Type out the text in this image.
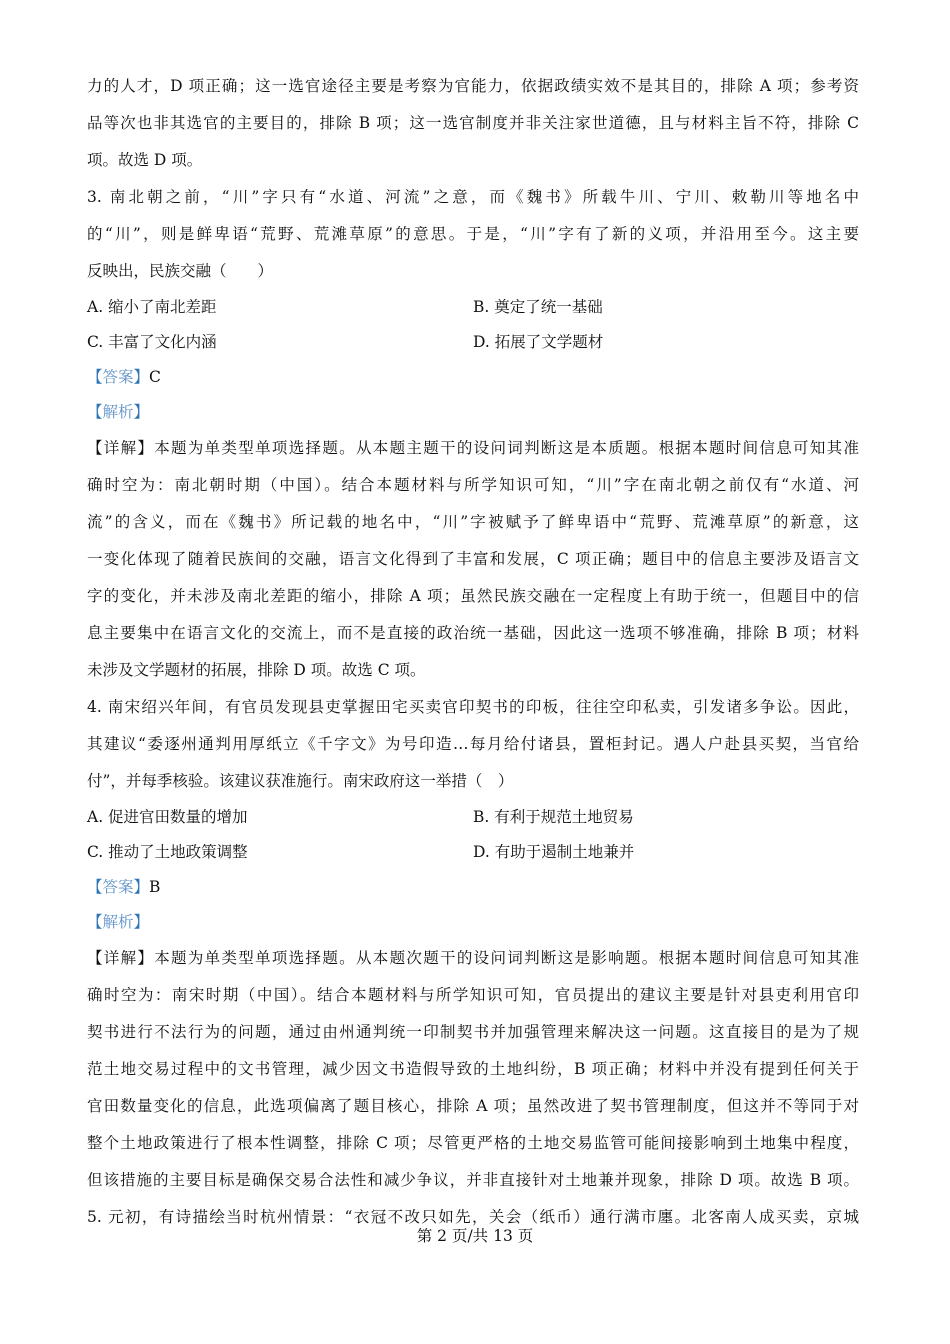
力的人才，D 项正确；这一选官途径主要是考察为官能力，依据政绩实效不是其目的，排除 A 项；参考资
品等次也非其选官的主要目的，排除 B 项；这一选官制度并非关注家世道德，且与材料主旨不符，排除 C
项。故选 D 项。
3. 南北朝之前，“川”字只有“水道、河流”之意，而《魏书》所载牛川、宁川、敕勒川等地名中
的“川”，则是鲜卑语“荒野、荒滩草原”的意思。于是，“川”字有了新的义项，并沿用至今。这主要
反映出，民族交融（　　）
A. 缩小了南北差距	B. 奠定了统一基础
C. 丰富了文化内涵	D. 拓展了文学题材
【答案】C
【解析】
【详解】本题为单类型单项选择题。从本题主题干的设问词判断这是本质题。根据本题时间信息可知其准
确时空为：南北朝时期（中国）。结合本题材料与所学知识可知，“川”字在南北朝之前仅有“水道、河
流”的含义，而在《魏书》所记载的地名中，“川”字被赋予了鲜卑语中“荒野、荒滩草原”的新意，这
一变化体现了随着民族间的交融，语言文化得到了丰富和发展，C 项正确；题目中的信息主要涉及语言文
字的变化，并未涉及南北差距的缩小，排除 A 项；虽然民族交融在一定程度上有助于统一，但题目中的信
息主要集中在语言文化的交流上，而不是直接的政治统一基础，因此这一选项不够准确，排除 B 项；材料
未涉及文学题材的拓展，排除 D 项。故选 C 项。
4. 南宋绍兴年间，有官员发现县吏掌握田宅买卖官印契书的印板，往往空印私卖，引发诸多争讼。因此，
其建议“委逐州通判用厚纸立《千字文》为号印造…每月给付诸县，置柜封记。遇人户赴县买契，当官给
付”，并每季核验。该建议获准施行。南宋政府这一举措（　）
A. 促进官田数量的增加	B. 有利于规范土地贸易
C. 推动了土地政策调整	D. 有助于遏制土地兼并
【答案】B
【解析】
【详解】本题为单类型单项选择题。从本题次题干的设问词判断这是影响题。根据本题时间信息可知其准
确时空为：南宋时期（中国）。结合本题材料与所学知识可知，官员提出的建议主要是针对县吏利用官印
契书进行不法行为的问题，通过由州通判统一印制契书并加强管理来解决这一问题。这直接目的是为了规
范土地交易过程中的文书管理，减少因文书造假导致的土地纠纷，B 项正确；材料中并没有提到任何关于
官田数量变化的信息，此选项偏离了题目核心，排除 A 项；虽然改进了契书管理制度，但这并不等同于对
整个土地政策进行了根本性调整，排除 C 项；尽管更严格的土地交易监管可能间接影响到土地集中程度，
但该措施的主要目标是确保交易合法性和减少争议，并非直接针对土地兼并现象，排除 D 项。故选 B 项。
5. 元初，有诗描绘当时杭州情景：“衣冠不改只如先，关会（纸币）通行满市廛。北客南人成买卖，京城
第 2 页/共 13 页
